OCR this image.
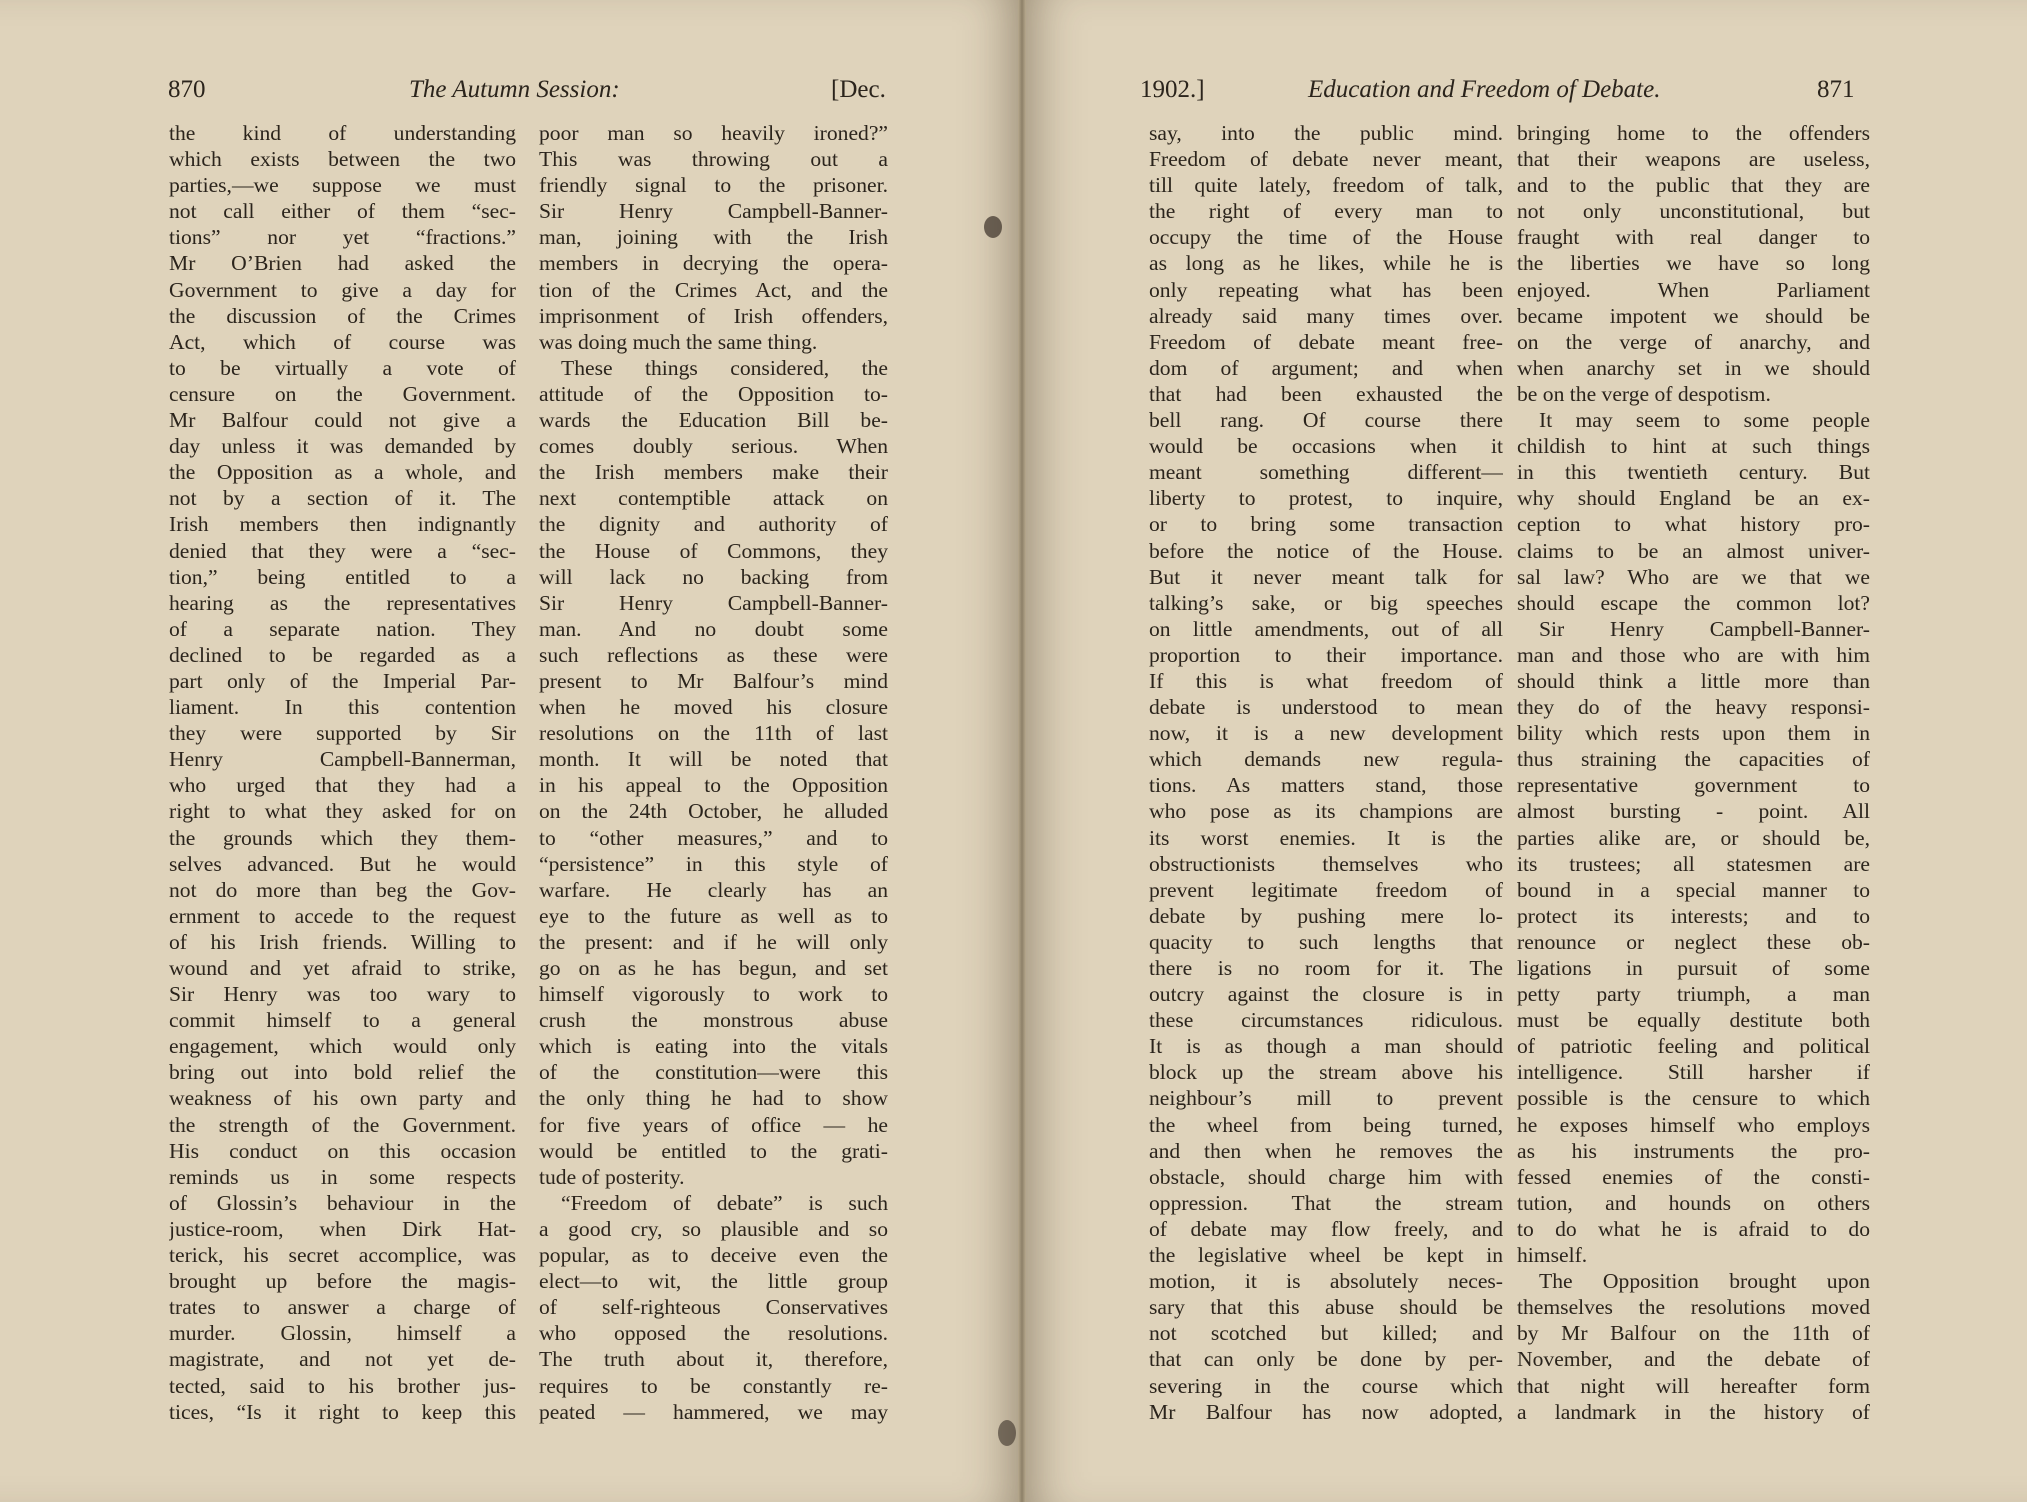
870	The Autumn Session:	[Dec.
the kind of understanding
which exists between the two
parties,—we suppose we must
not call either of them “sec-
tions” nor yet “fractions.”
Mr O’Brien had asked the
Government to give a day for
the discussion of the Crimes
Act, which of course was
to be virtually a vote of
censure on the Government.
Mr Balfour could not give a
day unless it was demanded by
the Opposition as a whole, and
not by a section of it. The
Irish members then indignantly
denied that they were a “sec-
tion,” being entitled to a
hearing as the representatives
of a separate nation. They
declined to be regarded as a
part only of the Imperial Par-
liament. In this contention
they were supported by Sir
Henry Campbell-Bannerman,
who urged that they had a
right to what they asked for on
the grounds which they them-
selves advanced. But he would
not do more than beg the Gov-
ernment to accede to the request
of his Irish friends. Willing to
wound and yet afraid to strike,
Sir Henry was too wary to
commit himself to a general
engagement, which would only
bring out into bold relief the
weakness of his own party and
the strength of the Government.
His conduct on this occasion
reminds us in some respects
of Glossin’s behaviour in the
justice-room, when Dirk Hat-
terick, his secret accomplice, was
brought up before the magis-
trates to answer a charge of
murder. Glossin, himself a
magistrate, and not yet de-
tected, said to his brother jus-
tices, “Is it right to keep this
poor man so heavily ironed?”
This was throwing out a
friendly signal to the prisoner.
Sir Henry Campbell-Banner-
man, joining with the Irish
members in decrying the opera-
tion of the Crimes Act, and the
imprisonment of Irish offenders,
was doing much the same thing.
These things considered, the
attitude of the Opposition to-
wards the Education Bill be-
comes doubly serious. When
the Irish members make their
next contemptible attack on
the dignity and authority of
the House of Commons, they
will lack no backing from
Sir Henry Campbell-Banner-
man. And no doubt some
such reflections as these were
present to Mr Balfour’s mind
when he moved his closure
resolutions on the 11th of last
month. It will be noted that
in his appeal to the Opposition
on the 24th October, he alluded
to “other measures,” and to
“persistence” in this style of
warfare. He clearly has an
eye to the future as well as to
the present: and if he will only
go on as he has begun, and set
himself vigorously to work to
crush the monstrous abuse
which is eating into the vitals
of the constitution—were this
the only thing he had to show
for five years of office — he
would be entitled to the grati-
tude of posterity.
“Freedom of debate” is such
a good cry, so plausible and so
popular, as to deceive even the
elect—to wit, the little group
of self-righteous Conservatives
who opposed the resolutions.
The truth about it, therefore,
requires to be constantly re-
peated — hammered, we may
1902.]	Education and Freedom of Debate.	871
say, into the public mind.
Freedom of debate never meant,
till quite lately, freedom of talk,
the right of every man to
occupy the time of the House
as long as he likes, while he is
only repeating what has been
already said many times over.
Freedom of debate meant free-
dom of argument; and when
that had been exhausted the
bell rang. Of course there
would be occasions when it
meant something different—
liberty to protest, to inquire,
or to bring some transaction
before the notice of the House.
But it never meant talk for
talking’s sake, or big speeches
on little amendments, out of all
proportion to their importance.
If this is what freedom of
debate is understood to mean
now, it is a new development
which demands new regula-
tions. As matters stand, those
who pose as its champions are
its worst enemies. It is the
obstructionists themselves who
prevent legitimate freedom of
debate by pushing mere lo-
quacity to such lengths that
there is no room for it. The
outcry against the closure is in
these circumstances ridiculous.
It is as though a man should
block up the stream above his
neighbour’s mill to prevent
the wheel from being turned,
and then when he removes the
obstacle, should charge him with
oppression. That the stream
of debate may flow freely, and
the legislative wheel be kept in
motion, it is absolutely neces-
sary that this abuse should be
not scotched but killed; and
that can only be done by per-
severing in the course which
Mr Balfour has now adopted,
bringing home to the offenders
that their weapons are useless,
and to the public that they are
not only unconstitutional, but
fraught with real danger to
the liberties we have so long
enjoyed. When Parliament
became impotent we should be
on the verge of anarchy, and
when anarchy set in we should
be on the verge of despotism.
It may seem to some people
childish to hint at such things
in this twentieth century. But
why should England be an ex-
ception to what history pro-
claims to be an almost univer-
sal law? Who are we that we
should escape the common lot?
Sir Henry Campbell-Banner-
man and those who are with him
should think a little more than
they do of the heavy responsi-
bility which rests upon them in
thus straining the capacities of
representative government to
almost bursting - point. All
parties alike are, or should be,
its trustees; all statesmen are
bound in a special manner to
protect its interests; and to
renounce or neglect these ob-
ligations in pursuit of some
petty party triumph, a man
must be equally destitute both
of patriotic feeling and political
intelligence. Still harsher if
possible is the censure to which
he exposes himself who employs
as his instruments the pro-
fessed enemies of the consti-
tution, and hounds on others
to do what he is afraid to do
himself.
The Opposition brought upon
themselves the resolutions moved
by Mr Balfour on the 11th of
November, and the debate of
that night will hereafter form
a landmark in the history of
